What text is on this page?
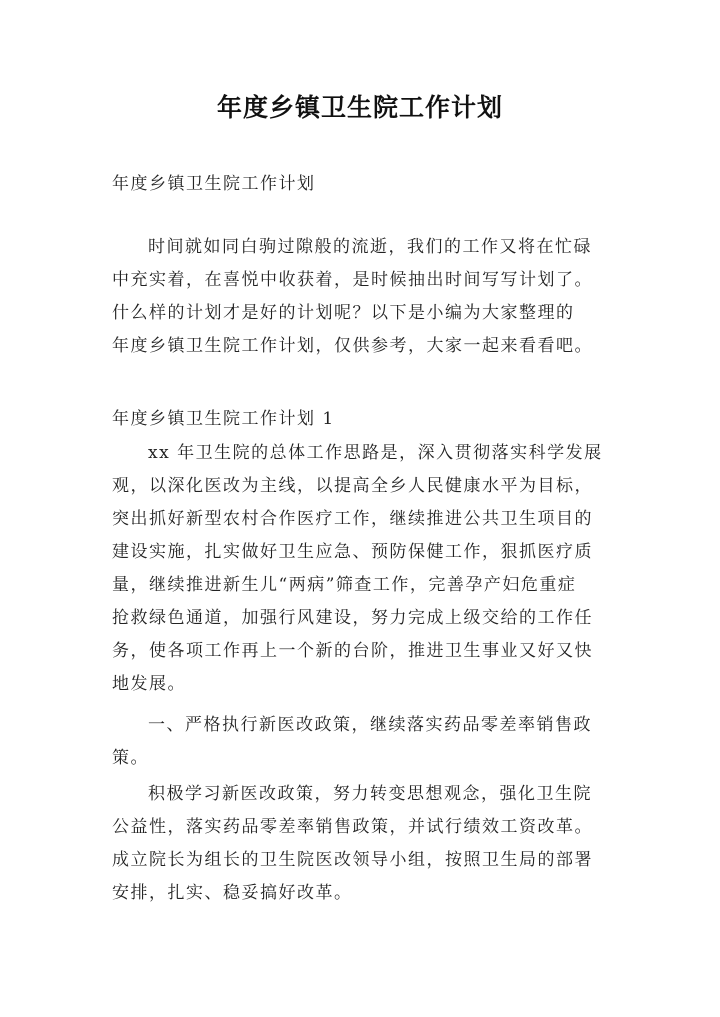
年度乡镇卫生院工作计划
年度乡镇卫生院工作计划
时间就如同白驹过隙般的流逝，我们的工作又将在忙碌
中充实着，在喜悦中收获着，是时候抽出时间写写计划了。
什么样的计划才是好的计划呢？以下是小编为大家整理的
年度乡镇卫生院工作计划，仅供参考，大家一起来看看吧。
年度乡镇卫生院工作计划 1
xx 年卫生院的总体工作思路是，深入贯彻落实科学发展
观，以深化医改为主线，以提高全乡人民健康水平为目标，
突出抓好新型农村合作医疗工作，继续推进公共卫生项目的
建设实施，扎实做好卫生应急、预防保健工作，狠抓医疗质
量，继续推进新生儿“两病”筛查工作，完善孕产妇危重症
抢救绿色通道，加强行风建设，努力完成上级交给的工作任
务，使各项工作再上一个新的台阶，推进卫生事业又好又快
地发展。
一、严格执行新医改政策，继续落实药品零差率销售政
策。
积极学习新医改政策，努力转变思想观念，强化卫生院
公益性，落实药品零差率销售政策，并试行绩效工资改革。
成立院长为组长的卫生院医改领导小组，按照卫生局的部署
安排，扎实、稳妥搞好改革。
